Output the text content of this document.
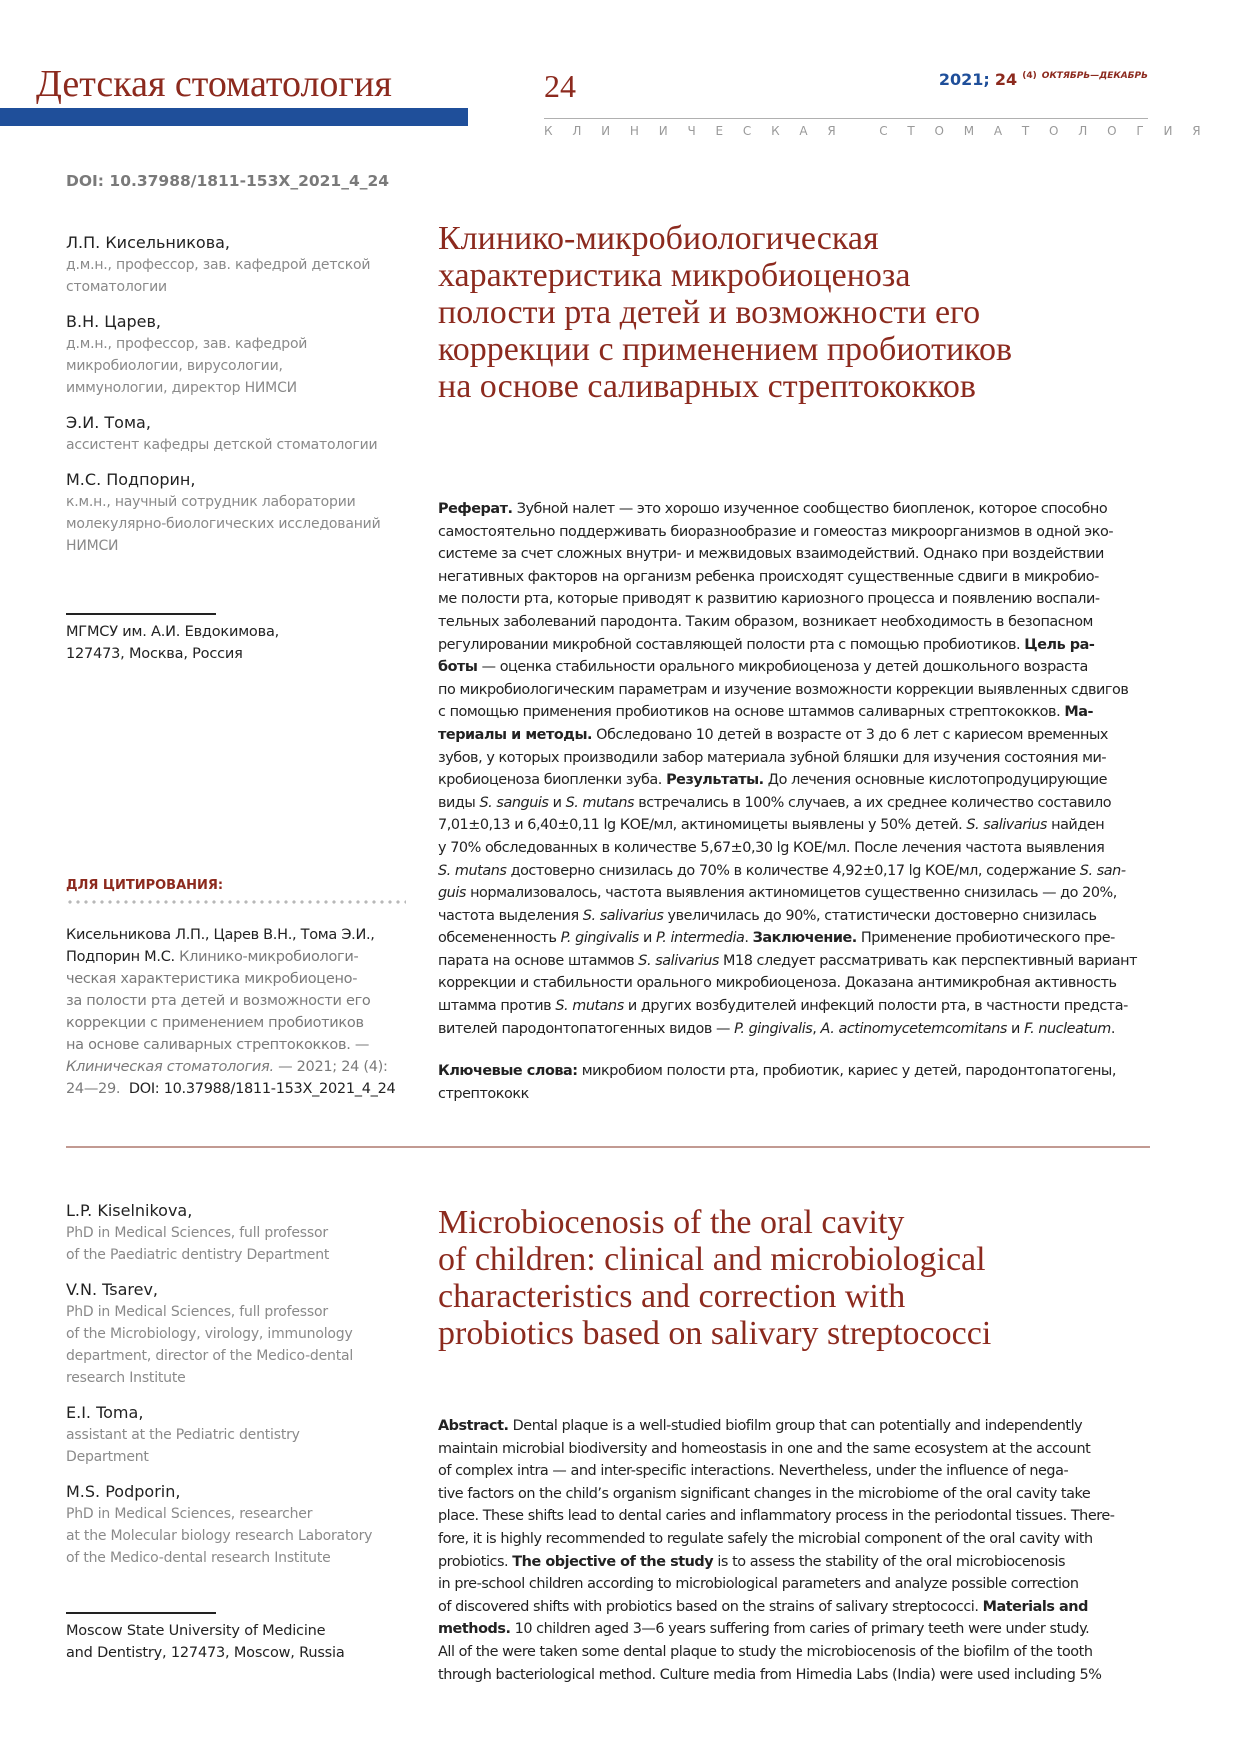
Детская стоматология	24	2021; 24 $^{(4)}$ $^{ОКТЯБРЬ—ДЕКАБРЬ}$
КЛИНИЧЕСКАЯ СТОМАТОЛОГИЯ
DOI: 10.37988/1811-153X_2021_4_24
Л.П. Кисельникова,
д.м.н., профессор, зав. кафедрой детской
стоматологии
В.Н. Царев,
д.м.н., профессор, зав. кафедрой
микробиологии, вирусологии,
иммунологии, директор НИМСИ
Э.И. Тома,
ассистент кафедры детской стоматологии
М.С. Подпорин,
к.м.н., научный сотрудник лаборатории
молекулярно-биологических исследований
НИМСИ
МГМСУ им. А.И. Евдокимова,
127473, Москва, Россия
ДЛЯ ЦИТИРОВАНИЯ:
Кисельникова Л.П., Царев В.Н., Тома Э.И.,
Подпорин М.С. Клинико-микробиологи-
ческая характеристика микробиоцено-
за полости рта детей и возможности его
коррекции с применением пробиотиков
на основе саливарных стрептококков. —
Клиническая стоматология. — 2021; 24 (4):
24—29.  DOI: 10.37988/1811-153X_2021_4_24
Клинико-микробиологическая
характеристика микробиоценоза
полости рта детей и возможности его
коррекции с применением пробиотиков
на основе саливарных стрептококков
Реферат. Зубной налет — это хорошо изученное сообщество биопленок, которое способно
самостоятельно поддерживать биоразнообразие и гомеостаз микроорганизмов в одной эко-
системе за счет сложных внутри- и межвидовых взаимодействий. Однако при воздействии
негативных факторов на организм ребенка происходят существенные сдвиги в микробио-
ме полости рта, которые приводят к развитию кариозного процесса и появлению воспали-
тельных заболеваний пародонта. Таким образом, возникает необходимость в безопасном
регулировании микробной составляющей полости рта с помощью пробиотиков. Цель ра-
боты — оценка стабильности орального микробиоценоза у детей дошкольного возраста
по микробиологическим параметрам и изучение возможности коррекции выявленных сдвигов
с помощью применения пробиотиков на основе штаммов саливарных стрептококков. Ма-
териалы и методы. Обследовано 10 детей в возрасте от 3 до 6 лет с кариесом временных
зубов, у которых производили забор материала зубной бляшки для изучения состояния ми-
кробиоценоза биопленки зуба. Результаты. До лечения основные кислотопродуцирующие
виды S. sanguis и S. mutans встречались в 100% случаев, а их среднее количество составило
7,01±0,13 и 6,40±0,11 lg КОЕ/мл, актиномицеты выявлены у 50% детей. S. salivarius найден
у 70% обследованных в количестве 5,67±0,30 lg КОЕ/мл. После лечения частота выявления
S. mutans достоверно снизилась до 70% в количестве 4,92±0,17 lg КОЕ/мл, содержание S. san-
guis нормализовалось, частота выявления актиномицетов существенно снизилась — до 20%,
частота выделения S. salivarius увеличилась до 90%, статистически достоверно снизилась
обсемененность P. gingivalis и P. intermedia. Заключение. Применение пробиотического пре-
парата на основе штаммов S. salivarius M18 следует рассматривать как перспективный вариант
коррекции и стабильности орального микробиоценоза. Доказана антимикробная активность
штамма против S. mutans и других возбудителей инфекций полости рта, в частности предста-
вителей пародонтопатогенных видов — P. gingivalis, A. actinomycetemcomitans и F. nucleatum.
Ключевые слова: микробиом полости рта, пробиотик, кариес у детей, пародонтопатогены,
стрептококк
L.P. Kiselnikova,
PhD in Medical Sciences, full professor
of the Paediatric dentistry Department
V.N. Tsarev,
PhD in Medical Sciences, full professor
of the Microbiology, virology, immunology
department, director of the Medico-dental
research Institute
E.I. Toma,
assistant at the Pediatric dentistry
Department
M.S. Podporin,
PhD in Medical Sciences, researcher
at the Molecular biology research Laboratory
of the Medico-dental research Institute
Moscow State University of Medicine
and Dentistry, 127473, Moscow, Russia
Microbiocenosis of the oral cavity
of children: clinical and microbiological
characteristics and correction with
probiotics based on salivary streptococci
Abstract. Dental plaque is a well-studied biofilm group that can potentially and independently
maintain microbial biodiversity and homeostasis in one and the same ecosystem at the account
of complex intra — and inter-specific interactions. Nevertheless, under the influence of nega-
tive factors on the child’s organism significant changes in the microbiome of the oral cavity take
place. These shifts lead to dental caries and inflammatory process in the periodontal tissues. There-
fore, it is highly recommended to regulate safely the microbial component of the oral cavity with
probiotics. The objective of the study is to assess the stability of the oral microbiocenosis
in pre-school children according to microbiological parameters and analyze possible correction
of discovered shifts with probiotics based on the strains of salivary streptococci. Materials and
methods. 10 children aged 3—6 years suffering from caries of primary teeth were under study.
All of the were taken some dental plaque to study the microbiocenosis of the biofilm of the tooth
through bacteriological method. Culture media from Himedia Labs (India) were used including 5%
